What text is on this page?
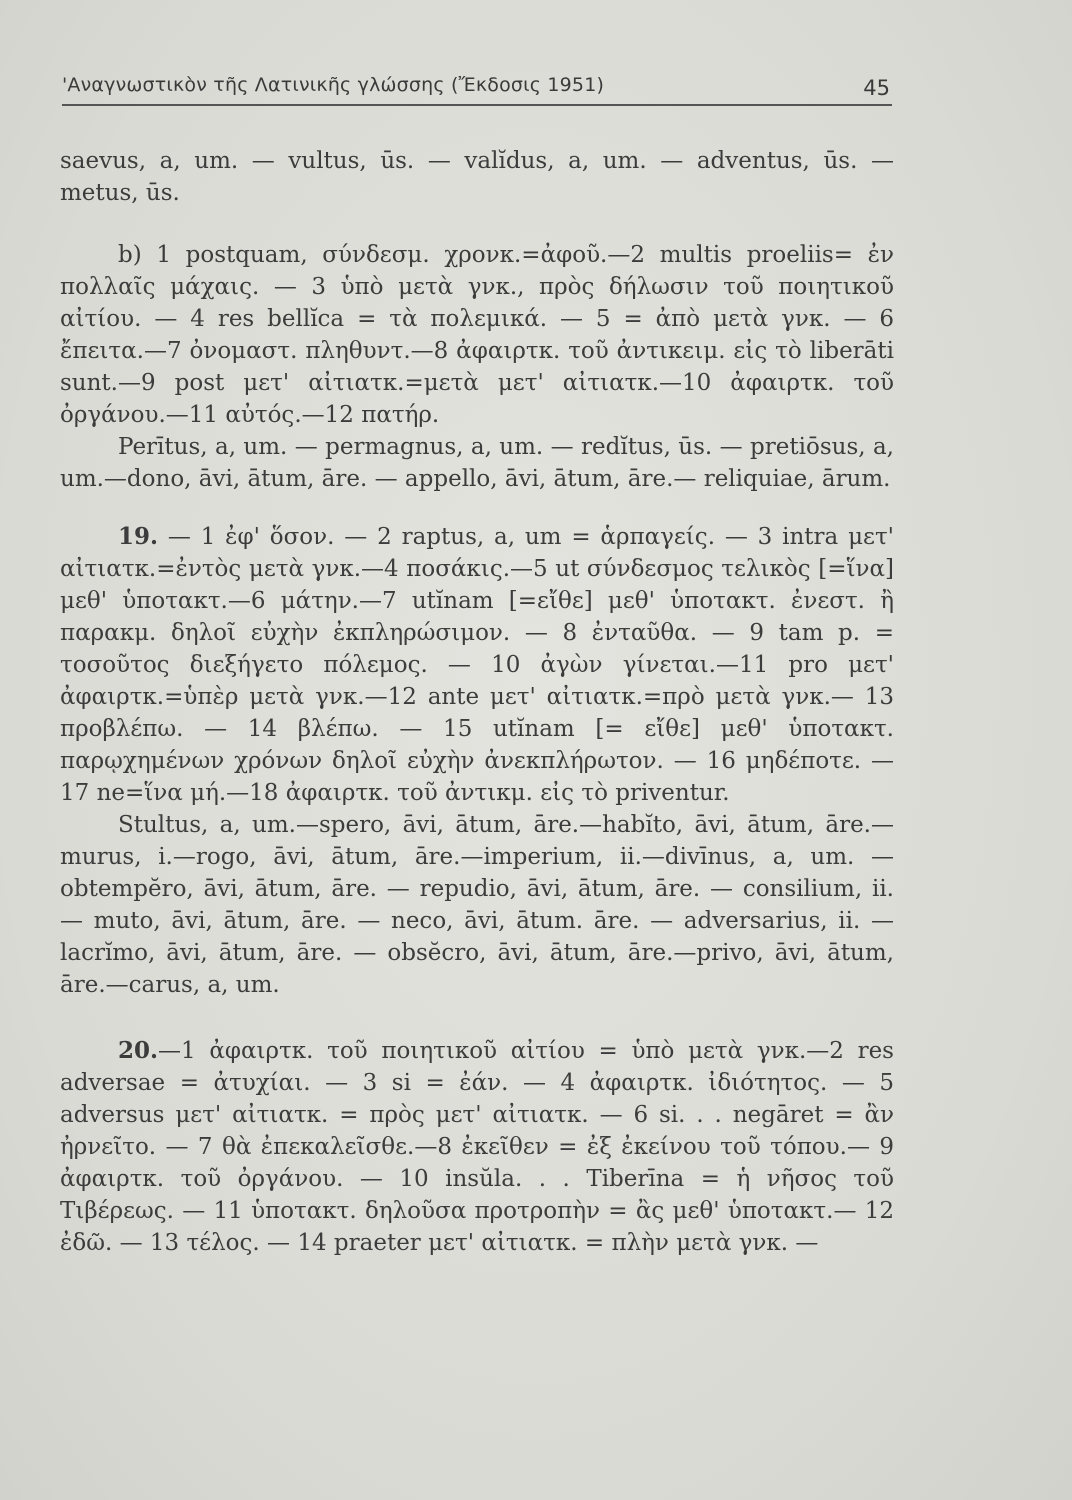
'Αναγνωστικὸν τῆς Λατινικῆς γλώσσης (Ἔκδοσις 1951)	45

saevus, a, um. — vultus, ūs. — valĭdus, a, um. — adventus, ūs. — metus, ūs.

b) 1 postquam, σύνδεσμ. χρονκ.=ἀφοῦ.—2 multis proeliis= ἐν πολλαῖς μάχαις. — 3 ὑπὸ μετὰ γνκ., πρὸς δήλωσιν τοῦ ποιητικοῦ αἰτίου. — 4 res bellĭca = τὰ πολεμικά. — 5 = ἀπὸ μετὰ γνκ. — 6 ἔπειτα.—7 ὀνομαστ. πληθυντ.—8 ἀφαιρτκ. τοῦ ἀντικειμ. εἰς τὸ liberāti sunt.—9 post μετ' αἰτιατκ.=μετὰ μετ' αἰτιατκ.—10 ἀφαιρτκ. τοῦ ὀργάνου.—11 αὐτός.—12 πατήρ.

Perītus, a, um. — permagnus, a, um. — redĭtus, ūs. — pretiōsus, a, um.—dono, āvi, ātum, āre. — appello, āvi, ātum, āre.— reliquiae, ārum.

19. — 1 ἐφ' ὅσον. — 2 raptus, a, um = ἁρπαγείς. — 3 intra μετ' αἰτιατκ.=ἐντὸς μετὰ γνκ.—4 ποσάκις.—5 ut σύνδεσμος τελικὸς [=ἵνα] μεθ' ὑποτακτ.—6 μάτην.—7 utĭnam [=εἴθε] μεθ' ὑποτακτ. ἐνεστ. ἢ παρακμ. δηλοῖ εὐχὴν ἐκπληρώσιμον. — 8 ἐνταῦθα. — 9 tam p. = τοσοῦτος διεξήγετο πόλεμος. — 10 ἀγὼν γίνεται.—11 pro μετ' ἀφαιρτκ.=ὑπὲρ μετὰ γνκ.—12 ante μετ' αἰτιατκ.=πρὸ μετὰ γνκ.— 13 προβλέπω. — 14 βλέπω. — 15 utĭnam [= εἴθε] μεθ' ὑποτακτ. παρῳχημένων χρόνων δηλοῖ εὐχὴν ἀνεκπλήρωτον. — 16 μηδέποτε. — 17 ne=ἵνα μή.—18 ἀφαιρτκ. τοῦ ἀντικμ. εἰς τὸ priventur.

Stultus, a, um.—spero, āvi, ātum, āre.—habĭto, āvi, ātum, āre.—murus, i.—rogo, āvi, ātum, āre.—imperium, ii.—divīnus, a, um. — obtempĕro, āvi, ātum, āre. — repudio, āvi, ātum, āre. — consilium, ii. — muto, āvi, ātum, āre. — neco, āvi, ātum. āre. — adversarius, ii. — lacrĭmo, āvi, ātum, āre. — obsĕcro, āvi, ātum, āre.—privo, āvi, ātum, āre.—carus, a, um.

20.—1 ἀφαιρτκ. τοῦ ποιητικοῦ αἰτίου = ὑπὸ μετὰ γνκ.—2 res adversae = ἀτυχίαι. — 3 si = ἐάν. — 4 ἀφαιρτκ. ἰδιότητος. — 5 adversus μετ' αἰτιατκ. = πρὸς μετ' αἰτιατκ. — 6 si. . . negāret = ἂν ἠρνεῖτο. — 7 θὰ ἐπεκαλεῖσθε.—8 ἐκεῖθεν = ἐξ ἐκείνου τοῦ τόπου.— 9 ἀφαιρτκ. τοῦ ὀργάνου. — 10 insŭla. . . Tiberīna = ἡ νῆσος τοῦ Τιβέρεως. — 11 ὑποτακτ. δηλοῦσα προτροπὴν = ἂς μεθ' ὑποτακτ.— 12 ἐδῶ. — 13 τέλος. — 14 praeter μετ' αἰτιατκ. = πλὴν μετὰ γνκ. —
